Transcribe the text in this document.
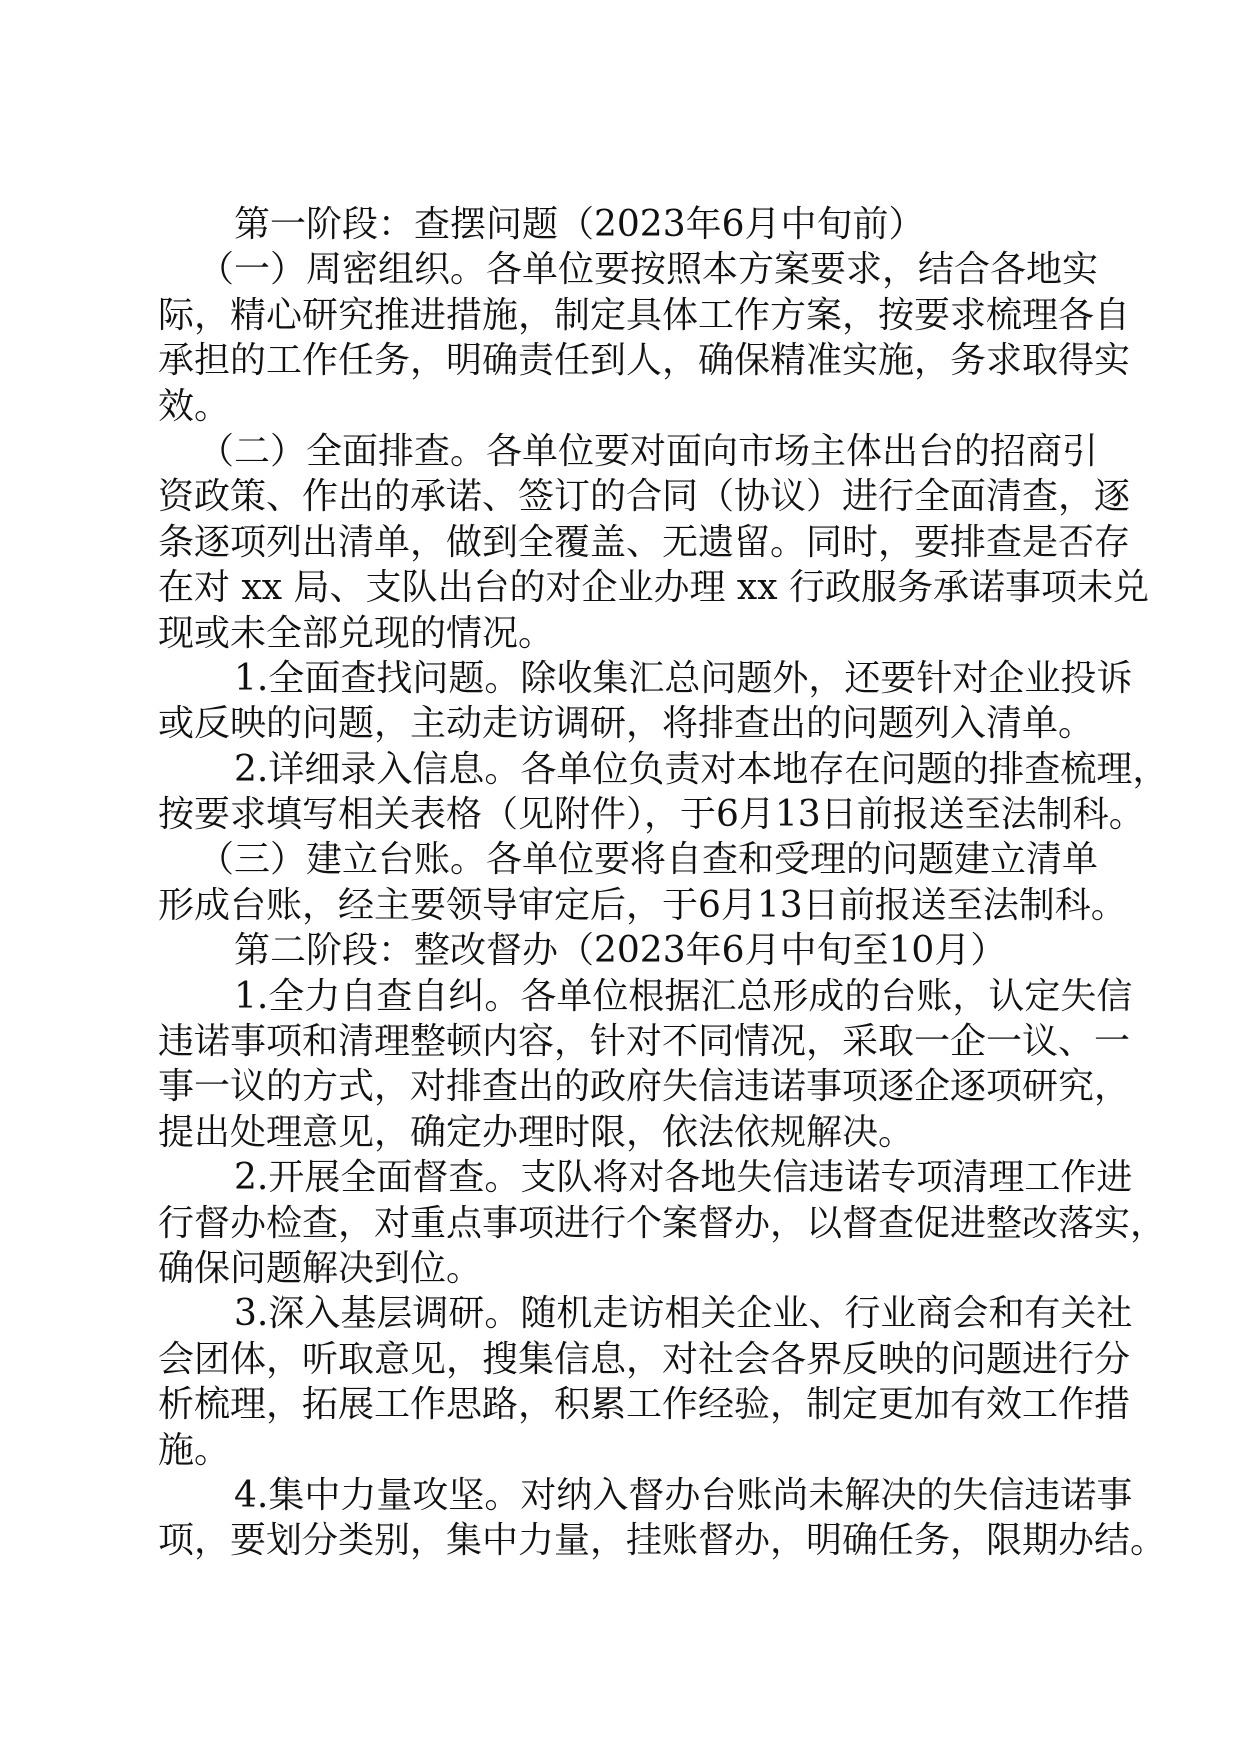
第一阶段：查摆问题（2023年6月中旬前）
（一）周密组织。各单位要按照本方案要求，结合各地实
际，精心研究推进措施，制定具体工作方案，按要求梳理各自
承担的工作任务，明确责任到人，确保精准实施，务求取得实
效。
（二）全面排查。各单位要对面向市场主体出台的招商引
资政策、作出的承诺、签订的合同（协议）进行全面清查，逐
条逐项列出清单，做到全覆盖、无遗留。同时，要排查是否存
在对 xx 局、支队出台的对企业办理 xx 行政服务承诺事项未兑
现或未全部兑现的情况。
1.全面查找问题。除收集汇总问题外，还要针对企业投诉
或反映的问题，主动走访调研，将排查出的问题列入清单。
2.详细录入信息。各单位负责对本地存在问题的排查梳理，
按要求填写相关表格（见附件），于6月13日前报送至法制科。
（三）建立台账。各单位要将自查和受理的问题建立清单
形成台账，经主要领导审定后，于6月13日前报送至法制科。
第二阶段：整改督办（2023年6月中旬至10月）
1.全力自查自纠。各单位根据汇总形成的台账，认定失信
违诺事项和清理整顿内容，针对不同情况，采取一企一议、一
事一议的方式，对排查出的政府失信违诺事项逐企逐项研究，
提出处理意见，确定办理时限，依法依规解决。
2.开展全面督查。支队将对各地失信违诺专项清理工作进
行督办检查，对重点事项进行个案督办，以督查促进整改落实，
确保问题解决到位。
3.深入基层调研。随机走访相关企业、行业商会和有关社
会团体，听取意见，搜集信息，对社会各界反映的问题进行分
析梳理，拓展工作思路，积累工作经验，制定更加有效工作措
施。
4.集中力量攻坚。对纳入督办台账尚未解决的失信违诺事
项，要划分类别，集中力量，挂账督办，明确任务，限期办结。
